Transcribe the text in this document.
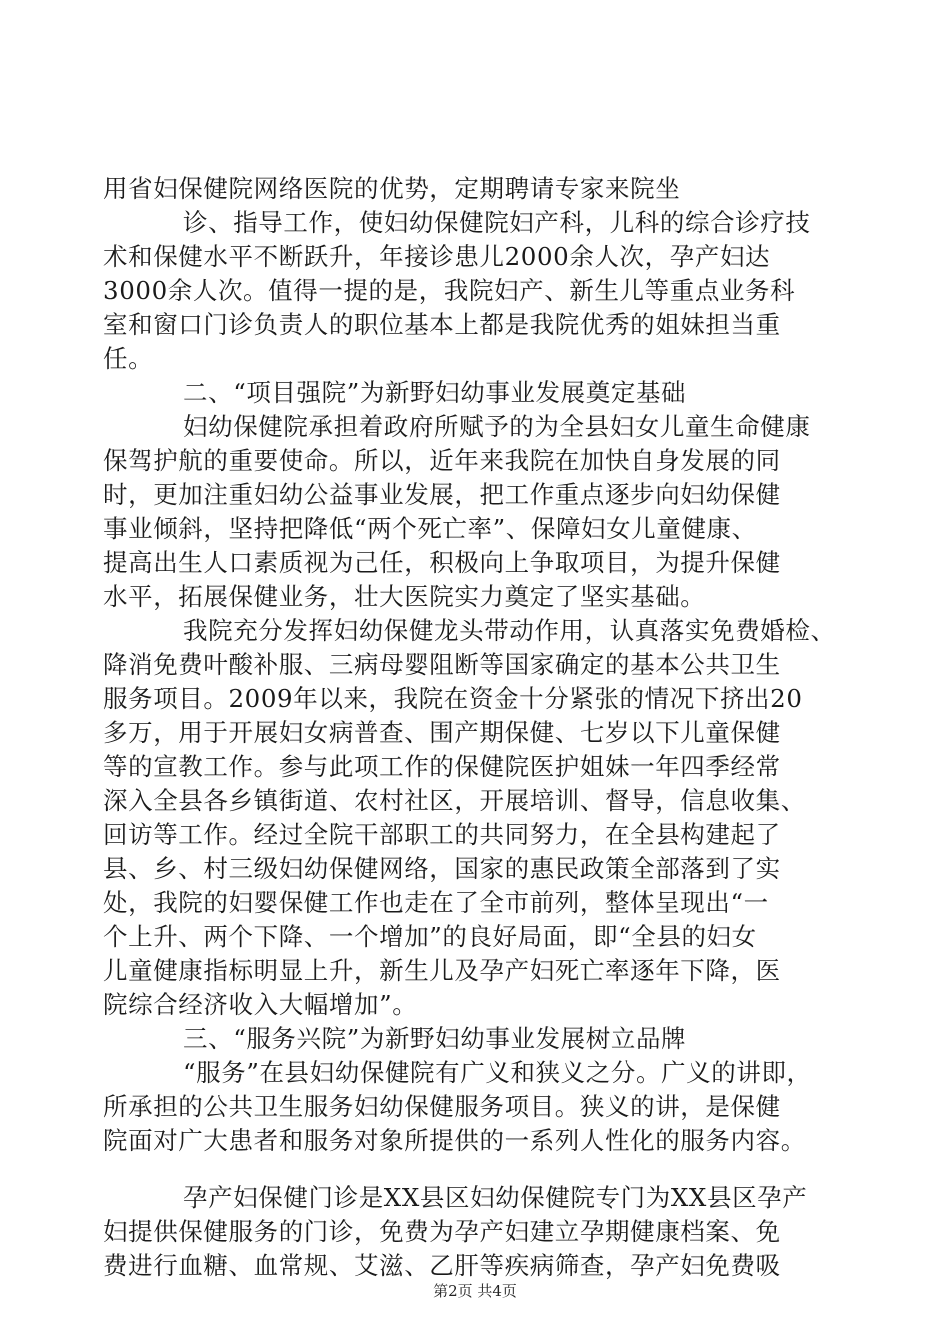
用省妇保健院网络医院的优势，定期聘请专家来院坐
诊、指导工作，使妇幼保健院妇产科，儿科的综合诊疗技
术和保健水平不断跃升，年接诊患儿2000余人次，孕产妇达
3000余人次。值得一提的是，我院妇产、新生儿等重点业务科
室和窗口门诊负责人的职位基本上都是我院优秀的姐妹担当重
任。
二、“项目强院”为新野妇幼事业发展奠定基础
妇幼保健院承担着政府所赋予的为全县妇女儿童生命健康
保驾护航的重要使命。所以，近年来我院在加快自身发展的同
时，更加注重妇幼公益事业发展，把工作重点逐步向妇幼保健
事业倾斜，坚持把降低“两个死亡率”、保障妇女儿童健康、
提高出生人口素质视为己任，积极向上争取项目，为提升保健
水平，拓展保健业务，壮大医院实力奠定了坚实基础。
我院充分发挥妇幼保健龙头带动作用，认真落实免费婚检、
降消免费叶酸补服、三病母婴阻断等国家确定的基本公共卫生
服务项目。2009年以来，我院在资金十分紧张的情况下挤出20
多万，用于开展妇女病普查、围产期保健、七岁以下儿童保健
等的宣教工作。参与此项工作的保健院医护姐妹一年四季经常
深入全县各乡镇街道、农村社区，开展培训、督导，信息收集、
回访等工作。经过全院干部职工的共同努力，在全县构建起了
县、乡、村三级妇幼保健网络，国家的惠民政策全部落到了实
处，我院的妇婴保健工作也走在了全市前列，整体呈现出“一
个上升、两个下降、一个增加”的良好局面，即“全县的妇女
儿童健康指标明显上升，新生儿及孕产妇死亡率逐年下降，医
院综合经济收入大幅增加”。
三、“服务兴院”为新野妇幼事业发展树立品牌
“服务”在县妇幼保健院有广义和狭义之分。广义的讲即，
所承担的公共卫生服务妇幼保健服务项目。狭义的讲，是保健
院面对广大患者和服务对象所提供的一系列人性化的服务内容。
孕产妇保健门诊是XX县区妇幼保健院专门为XX县区孕产
妇提供保健服务的门诊，免费为孕产妇建立孕期健康档案、免
费进行血糖、血常规、艾滋、乙肝等疾病筛查，孕产妇免费吸
第2页 共4页
